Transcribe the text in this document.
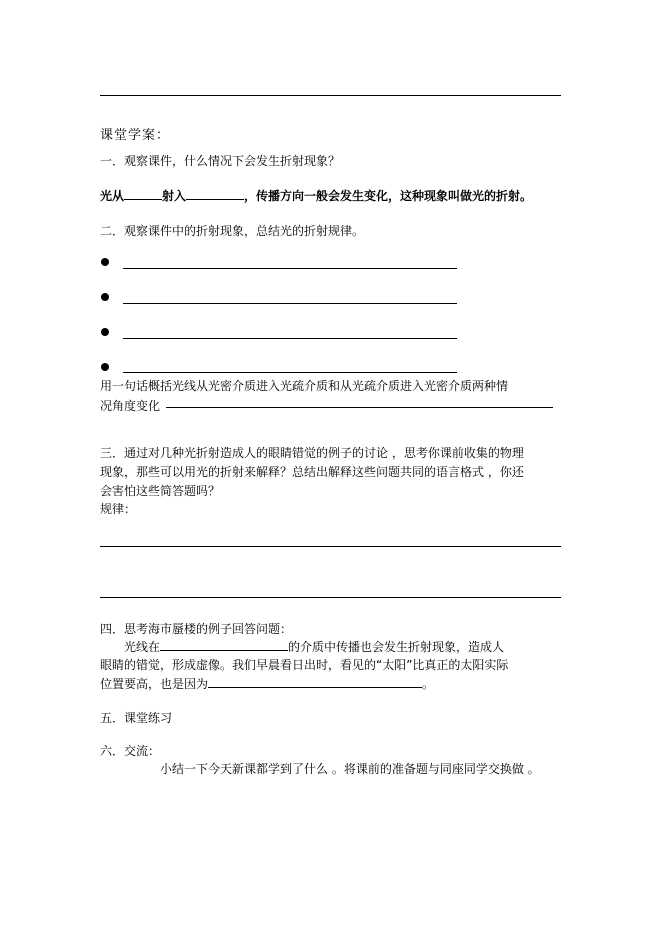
课堂学案：
一．观察课件，什么情况下会发生折射现象？
光从	射入	，传播方向一般会发生变化，这种现象叫做光的折射。
二．观察课件中的折射现象，总结光的折射规律。
用一句话概括光线从光密介质进入光疏介质和从光疏介质进入光密介质两种情
况角度变化
三．通过对几种光折射造成人的眼睛错觉的例子的讨论 ，思考你课前收集的物理
现象，那些可以用光的折射来解释？总结出解释这些问题共同的语言格式 ，你还
会害怕这些简答题吗？
规律：
四．思考海市蜃楼的例子回答问题：
光线在	的介质中传播也会发生折射现象，造成人
眼睛的错觉，形成虚像。我们早晨看日出时，看见的“太阳”比真正的太阳实际
位置要高，也是因为	。
五．课堂练习
六．交流：
小结一下今天新课都学到了什么 。将课前的准备题与同座同学交换做 。
